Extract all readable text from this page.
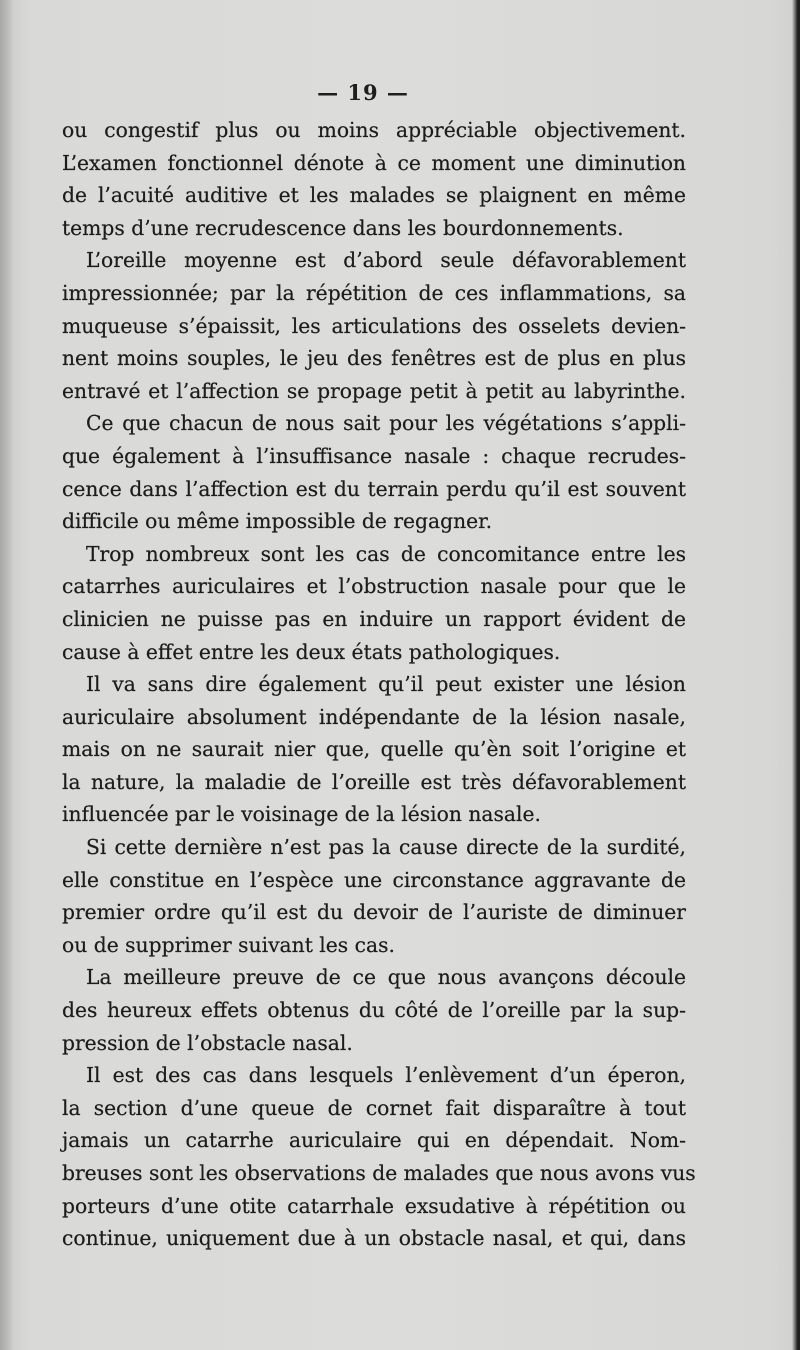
— 19 —
ou congestif plus ou moins appréciable objectivement.
L’examen fonctionnel dénote à ce moment une diminution
de l’acuité auditive et les malades se plaignent en même
temps d’une recrudescence dans les bourdonnements.
L’oreille moyenne est d’abord seule défavorablement
impressionnée; par la répétition de ces inflammations, sa
muqueuse s’épaissit, les articulations des osselets devien-
nent moins souples, le jeu des fenêtres est de plus en plus
entravé et l’affection se propage petit à petit au labyrinthe.
Ce que chacun de nous sait pour les végétations s’appli-
que également à l’insuffisance nasale : chaque recrudes-
cence dans l’affection est du terrain perdu qu’il est souvent
difficile ou même impossible de regagner.
Trop nombreux sont les cas de concomitance entre les
catarrhes auriculaires et l’obstruction nasale pour que le
clinicien ne puisse pas en induire un rapport évident de
cause à effet entre les deux états pathologiques.
Il va sans dire également qu’il peut exister une lésion
auriculaire absolument indépendante de la lésion nasale,
mais on ne saurait nier que, quelle qu’èn soit l’origine et
la nature, la maladie de l’oreille est très défavorablement
influencée par le voisinage de la lésion nasale.
Si cette dernière n’est pas la cause directe de la surdité,
elle constitue en l’espèce une circonstance aggravante de
premier ordre qu’il est du devoir de l’auriste de diminuer
ou de supprimer suivant les cas.
La meilleure preuve de ce que nous avançons découle
des heureux effets obtenus du côté de l’oreille par la sup-
pression de l’obstacle nasal.
Il est des cas dans lesquels l’enlèvement d’un éperon,
la section d’une queue de cornet fait disparaître à tout
jamais un catarrhe auriculaire qui en dépendait. Nom-
breuses sont les observations de malades que nous avons vus
porteurs d’une otite catarrhale exsudative à répétition ou
continue, uniquement due à un obstacle nasal, et qui, dans
